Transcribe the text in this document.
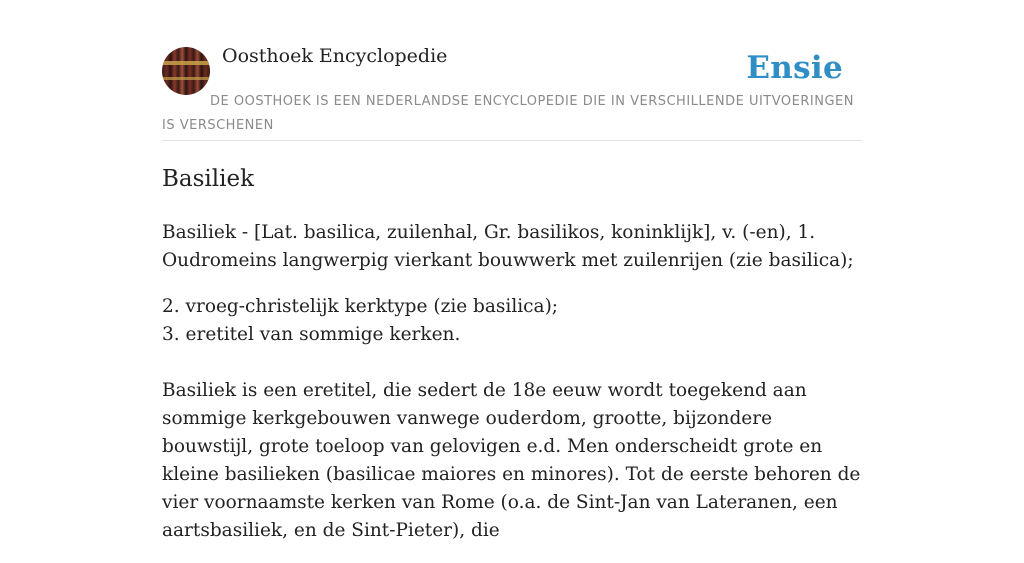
Oosthoek Encyclopedie	Ensie
DE OOSTHOEK IS EEN NEDERLANDSE ENCYCLOPEDIE DIE IN VERSCHILLENDE UITVOERINGEN IS VERSCHENEN
Basiliek

Basiliek - [Lat. basilica, zuilenhal, Gr. basilikos, koninklijk], v. (-en), 1. Oudromeins langwerpig vierkant bouwwerk met zuilenrijen (zie basilica);

2. vroeg-christelijk kerktype (zie basilica);

3. eretitel van sommige kerken.

Basiliek is een eretitel, die sedert de 18e eeuw wordt toegekend aan sommige kerkgebouwen vanwege ouderdom, grootte, bijzondere bouwstijl, grote toeloop van gelovigen e.d. Men onderscheidt grote en kleine basilieken (basilicae maiores en minores). Tot de eerste behoren de vier voornaamste kerken van Rome (o.a. de Sint-Jan van Lateranen, een aartsbasiliek, en de Sint-Pieter), die
